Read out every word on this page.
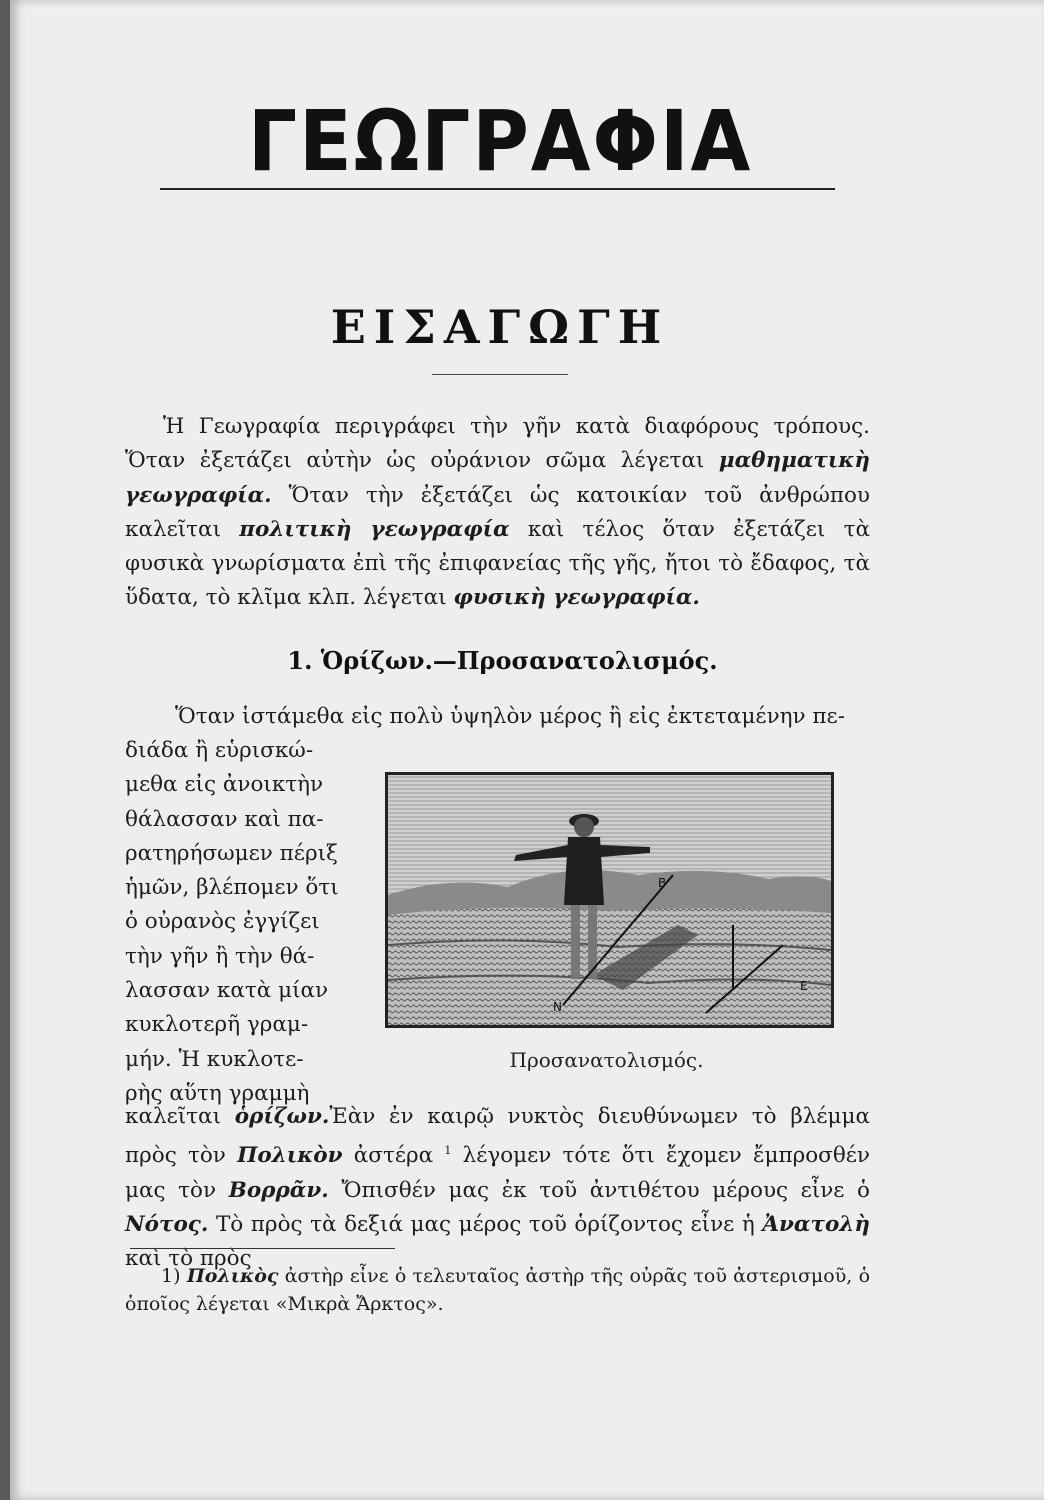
ΓΕΩΓΡΑΦΙΑ
ΕΙΣΑΓΩΓΗ

Ἡ Γεωγραφία περιγράφει τὴν γῆν κατὰ διαφόρους τρόπους. Ὅταν ἐξετάζει αὐτὴν ὡς οὐράνιον σῶμα λέγεται μαθηματικὴ γεωγραφία. Ὅταν τὴν ἐξετάζει ὡς κατοικίαν τοῦ ἀνθρώπου καλεῖται πολιτικὴ γεωγραφία καὶ τέλος ὅταν ἐξετάζει τὰ φυσικὰ γνωρίσματα ἐπὶ τῆς ἐπιφανείας τῆς γῆς, ἤτοι τὸ ἔδαφος, τὰ ὕδατα, τὸ κλῖμα κλπ. λέγεται φυσικὴ γεωγραφία.

1. Ὁρίζων.—Προσανατολισμός.

Ὅταν ἱστάμεθα εἰς πολὺ ὑψηλὸν μέρος ἢ εἰς ἐκτεταμένην πε-

διάδα ἢ εὑρισκώ-
μεθα εἰς ἀνοικτὴν
θάλασσαν καὶ πα-
ρατηρήσωμεν πέριξ
ἡμῶν, βλέπομεν ὅτι
ὁ οὐρανὸς ἐγγίζει
τὴν γῆν ἢ τὴν θά-
λασσαν κατὰ μίαν
κυκλοτερῆ γραμ-
μήν. Ἡ κυκλοτε-
ρὴς αὕτη γραμμὴ
B
E
N
Προσανατολισμός.

καλεῖται ὁρίζων.Ἐὰν ἐν καιρῷ νυκτὸς διευθύνωμεν τὸ βλέμμα πρὸς τὸν Πολικὸν ἀστέρα $^1$ λέγομεν τότε ὅτι ἔχομεν ἔμπροσθέν μας τὸν Βορρᾶν. Ὄπισθέν μας ἐκ τοῦ ἀντιθέτου μέρους εἶνε ὁ Νότος. Τὸ πρὸς τὰ δεξιά μας μέρος τοῦ ὁρίζοντος εἶνε ἡ Ἀνατολὴ καὶ τὸ πρὸς

1) Πολικὸς ἀστὴρ εἶνε ὁ τελευταῖος ἀστὴρ τῆς οὐρᾶς τοῦ ἀστερισμοῦ, ὁ ὁποῖος λέγεται «Μικρὰ Ἄρκτος».
